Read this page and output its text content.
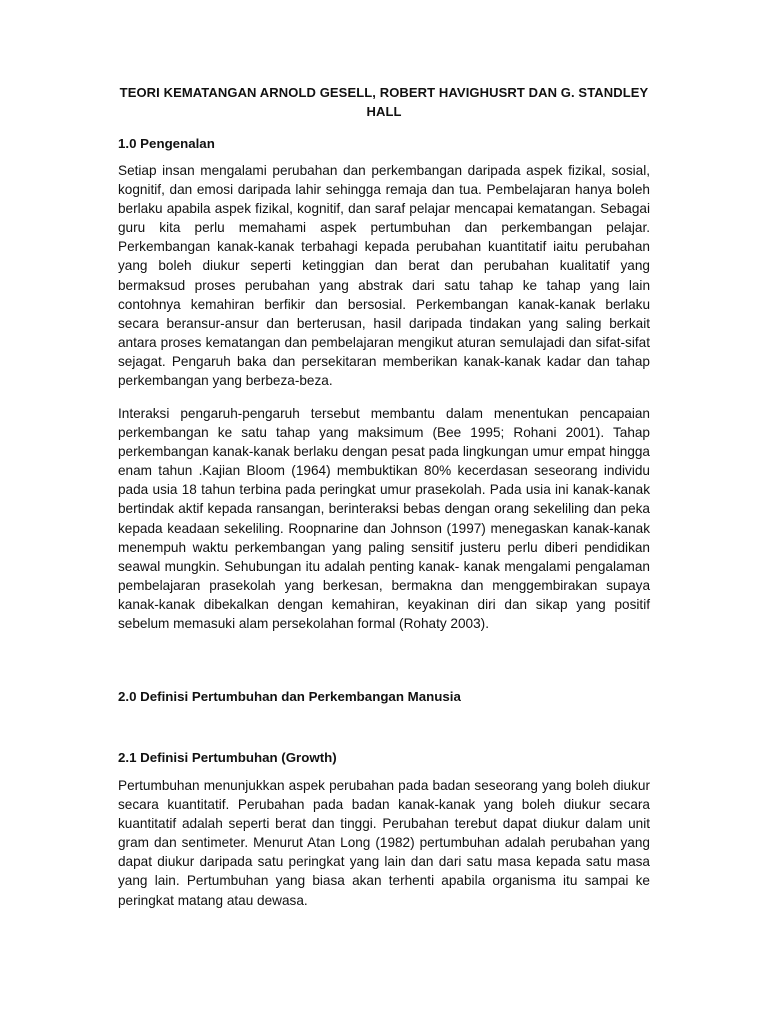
TEORI KEMATANGAN ARNOLD GESELL, ROBERT HAVIGHUSRT DAN G. STANDLEY HALL
1.0 Pengenalan
Setiap insan mengalami perubahan dan perkembangan daripada aspek fizikal, sosial, kognitif, dan emosi daripada lahir sehingga remaja dan tua. Pembelajaran hanya boleh berlaku apabila aspek fizikal, kognitif, dan saraf pelajar mencapai kematangan. Sebagai guru kita perlu memahami aspek pertumbuhan dan perkembangan pelajar. Perkembangan kanak-kanak terbahagi kepada perubahan kuantitatif iaitu perubahan yang boleh diukur seperti ketinggian dan berat dan perubahan kualitatif yang bermaksud proses perubahan yang abstrak dari satu tahap ke tahap yang lain contohnya kemahiran berfikir dan bersosial. Perkembangan kanak-kanak berlaku secara beransur-ansur dan berterusan, hasil daripada tindakan yang saling berkait antara proses kematangan dan pembelajaran mengikut aturan semulajadi dan sifat-sifat sejagat. Pengaruh baka dan persekitaran memberikan kanak-kanak kadar dan tahap perkembangan yang berbeza-beza.
Interaksi pengaruh-pengaruh tersebut membantu dalam menentukan pencapaian perkembangan ke satu tahap yang maksimum (Bee 1995; Rohani 2001). Tahap perkembangan kanak-kanak berlaku dengan pesat pada lingkungan umur empat hingga enam tahun .Kajian Bloom (1964) membuktikan 80% kecerdasan seseorang individu pada usia 18 tahun terbina pada peringkat umur prasekolah. Pada usia ini kanak-kanak bertindak aktif kepada ransangan, berinteraksi bebas dengan orang sekeliling dan peka kepada keadaan sekeliling. Roopnarine dan Johnson (1997) menegaskan kanak-kanak menempuh waktu perkembangan yang paling sensitif justeru perlu diberi pendidikan seawal mungkin. Sehubungan itu adalah penting kanak- kanak mengalami pengalaman pembelajaran prasekolah yang berkesan, bermakna dan menggembirakan supaya kanak-kanak dibekalkan dengan kemahiran, keyakinan diri dan sikap yang positif sebelum memasuki alam persekolahan formal (Rohaty 2003).
2.0 Definisi Pertumbuhan dan Perkembangan Manusia
2.1 Definisi Pertumbuhan (Growth)
Pertumbuhan menunjukkan aspek perubahan pada badan seseorang yang boleh diukur secara kuantitatif. Perubahan pada badan kanak-kanak yang boleh diukur secara kuantitatif adalah seperti berat dan tinggi. Perubahan terebut dapat diukur dalam unit gram dan sentimeter. Menurut Atan Long (1982) pertumbuhan adalah perubahan yang dapat diukur daripada satu peringkat yang lain dan dari satu masa kepada satu masa yang lain. Pertumbuhan yang biasa akan terhenti apabila organisma itu sampai ke peringkat matang atau dewasa.
